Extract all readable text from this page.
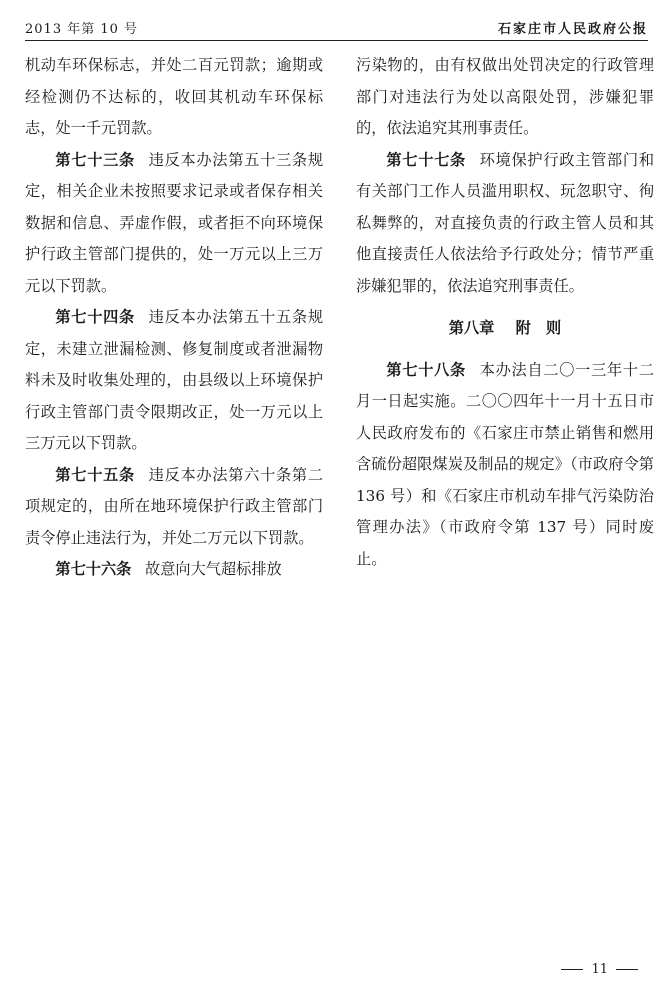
2013 年第 10 号	石家庄市人民政府公报

机动车环保标志，并处二百元罚款；逾期或经检测仍不达标的，收回其机动车环保标志，处一千元罚款。

第七十三条 违反本办法第五十三条规定，相关企业未按照要求记录或者保存相关数据和信息、弄虚作假，或者拒不向环境保护行政主管部门提供的，处一万元以上三万元以下罚款。

第七十四条 违反本办法第五十五条规定，未建立泄漏检测、修复制度或者泄漏物料未及时收集处理的，由县级以上环境保护行政主管部门责令限期改正，处一万元以上三万元以下罚款。

第七十五条 违反本办法第六十条第二项规定的，由所在地环境保护行政主管部门责令停止违法行为，并处二万元以下罚款。

第七十六条 故意向大气超标排放

污染物的，由有权做出处罚决定的行政管理部门对违法行为处以高限处罚，涉嫌犯罪的，依法追究其刑事责任。

第七十七条 环境保护行政主管部门和有关部门工作人员滥用职权、玩忽职守、徇私舞弊的，对直接负责的行政主管人员和其他直接责任人依法给予行政处分；情节严重涉嫌犯罪的，依法追究刑事责任。

第八章 附　则

第七十八条 本办法自二〇一三年十二月一日起实施。二〇〇四年十一月十五日市人民政府发布的《石家庄市禁止销售和燃用含硫份超限煤炭及制品的规定》（市政府令第 136 号）和《石家庄市机动车排气污染防治管理办法》（市政府令第 137 号）同时废止。

11
